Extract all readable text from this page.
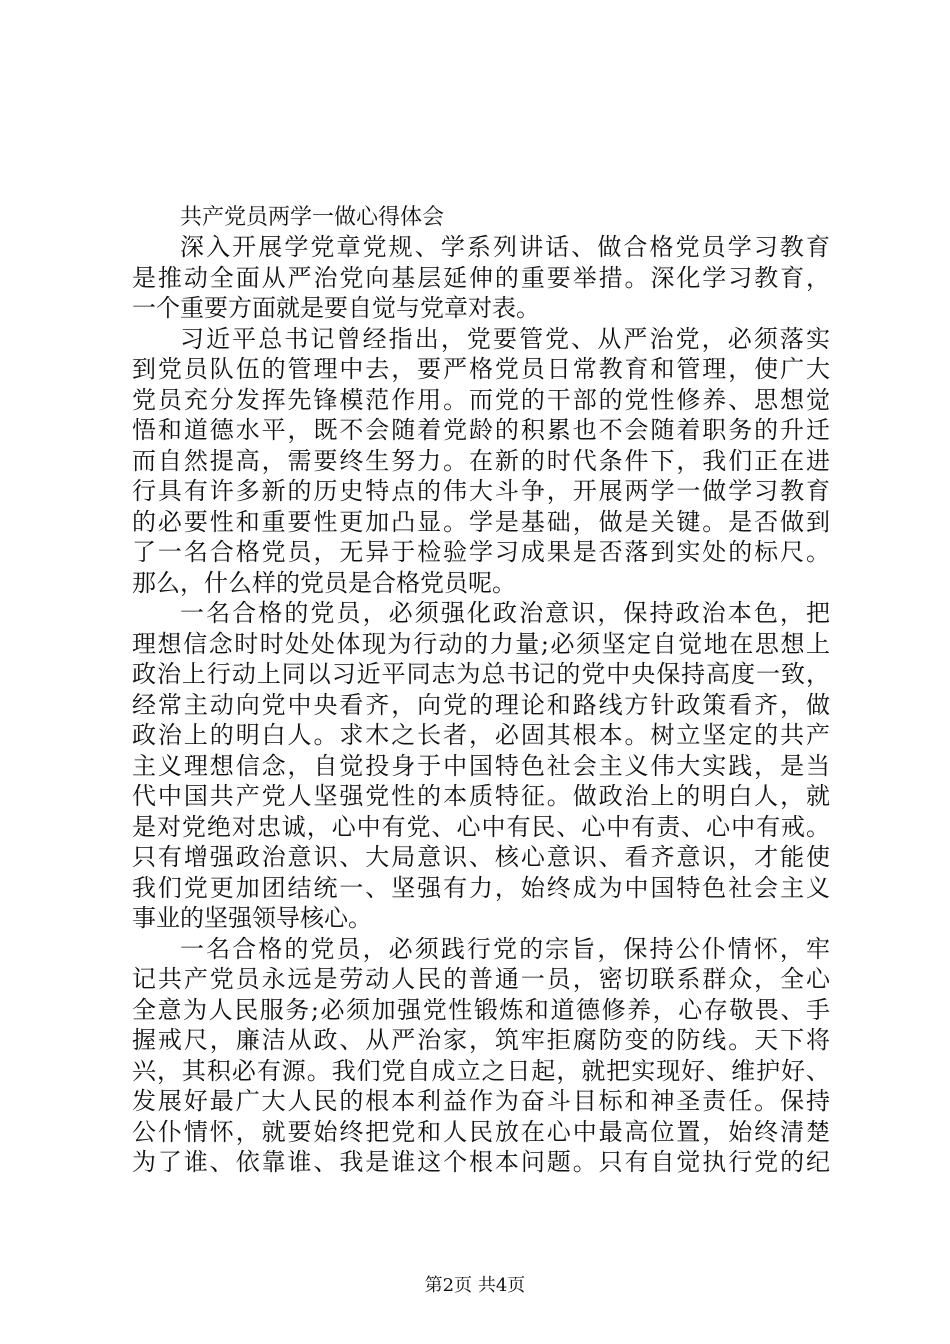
共产党员两学一做心得体会
深入开展学党章党规、学系列讲话、做合格党员学习教育
是推动全面从严治党向基层延伸的重要举措。深化学习教育，
一个重要方面就是要自觉与党章对表。
习近平总书记曾经指出，党要管党、从严治党，必须落实
到党员队伍的管理中去，要严格党员日常教育和管理，使广大
党员充分发挥先锋模范作用。而党的干部的党性修养、思想觉
悟和道德水平，既不会随着党龄的积累也不会随着职务的升迁
而自然提高，需要终生努力。在新的时代条件下，我们正在进
行具有许多新的历史特点的伟大斗争，开展两学一做学习教育
的必要性和重要性更加凸显。学是基础，做是关键。是否做到
了一名合格党员，无异于检验学习成果是否落到实处的标尺。
那么，什么样的党员是合格党员呢。
一名合格的党员，必须强化政治意识，保持政治本色，把
理想信念时时处处体现为行动的力量;必须坚定自觉地在思想上
政治上行动上同以习近平同志为总书记的党中央保持高度一致，
经常主动向党中央看齐，向党的理论和路线方针政策看齐，做
政治上的明白人。求木之长者，必固其根本。树立坚定的共产
主义理想信念，自觉投身于中国特色社会主义伟大实践，是当
代中国共产党人坚强党性的本质特征。做政治上的明白人，就
是对党绝对忠诚，心中有党、心中有民、心中有责、心中有戒。
只有增强政治意识、大局意识、核心意识、看齐意识，才能使
我们党更加团结统一、坚强有力，始终成为中国特色社会主义
事业的坚强领导核心。
一名合格的党员，必须践行党的宗旨，保持公仆情怀，牢
记共产党员永远是劳动人民的普通一员，密切联系群众，全心
全意为人民服务;必须加强党性锻炼和道德修养，心存敬畏、手
握戒尺，廉洁从政、从严治家，筑牢拒腐防变的防线。天下将
兴，其积必有源。我们党自成立之日起，就把实现好、维护好、
发展好最广大人民的根本利益作为奋斗目标和神圣责任。保持
公仆情怀，就要始终把党和人民放在心中最高位置，始终清楚
为了谁、依靠谁、我是谁这个根本问题。只有自觉执行党的纪
第2页 共4页
